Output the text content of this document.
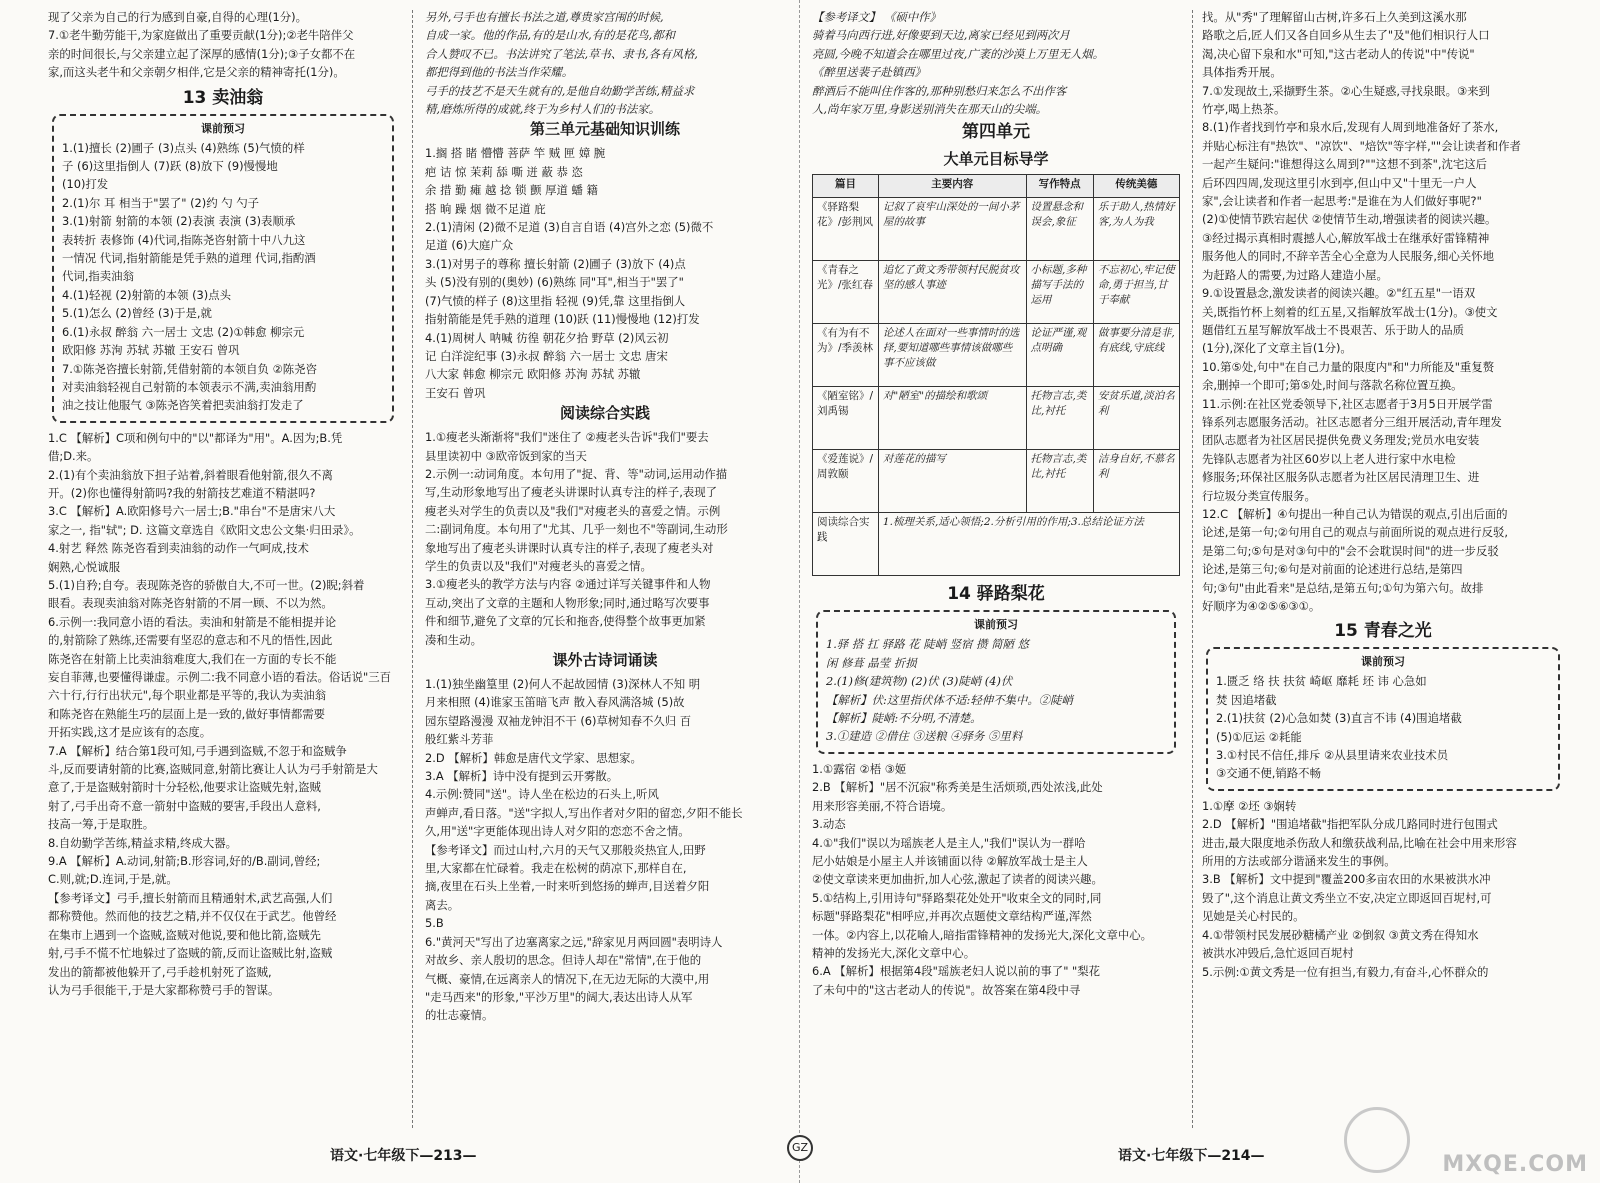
现了父亲为自己的行为感到自豪,自得的心理(1分)。

7.①老牛勤劳能干,为家庭做出了重要贡献(1分);②老牛陪伴父

亲的时间很长,与父亲建立起了深厚的感情(1分);③子女都不在

家,而这头老牛和父亲朝夕相伴,它是父亲的精神寄托(1分)。

13 卖油翁
课前预习

1.(1)擅长 (2)圃子 (3)点头 (4)熟练 (5)气愤的样

子 (6)这里指倒人 (7)跃 (8)放下 (9)慢慢地

(10)打发

2.(1)尔 耳 相当于"罢了" (2)约 勺 勺子

3.(1)射箭 射箭的本领 (2)表演 表演 (3)表顺承

表转折 表修饰 (4)代词,指陈尧咨射箭十中八九这

一情况 代词,指射箭能是凭手熟的道理 代词,指酌酒

代词,指卖油翁

4.(1)轻视 (2)射箭的本领 (3)点头

5.(1)怎么 (2)曾经 (3)于是,就

6.(1)永叔 醉翁 六一居士 文忠 (2)①韩愈 柳宗元

欧阳修 苏洵 苏轼 苏辙 王安石 曾巩

7.①陈尧咨擅长射箭,凭借射箭的本领自负 ②陈尧咨

对卖油翁轻视自己射箭的本领表示不满,卖油翁用酌

油之技让他服气 ③陈尧咨笑着把卖油翁打发走了

1.C 【解析】C项和例句中的"以"都译为"用"。A.因为;B.凭

借;D.来。

2.(1)有个卖油翁放下担子站着,斜着眼看他射箭,很久不离

开。(2)你也懂得射箭吗?我的射箭技艺难道不精湛吗?

3.C 【解析】A.欧阳修号六一居士;B."串台"不是唐宋八大

家之一, 指"轼"; D. 这篇文章选自《欧阳文忠公文集·归田录》。

4.射艺 释然 陈尧咨看到卖油翁的动作一气呵成,技术

娴熟,心悦诚服

5.(1)自矜;自夸。表现陈尧咨的骄傲自大,不可一世。(2)睨;斜着

眼看。表现卖油翁对陈尧咨射箭的不屑一顾、不以为然。

6.示例一:我同意小语的看法。卖油和射箭是不能相提并论

的,射箭除了熟练,还需要有坚忍的意志和不凡的悟性,因此

陈尧咨在射箭上比卖油翁难度大,我们在一方面的专长不能

妄自菲薄,也要懂得谦虚。示例二:我不同意小语的看法。俗话说"三百

六十行,行行出状元",每个职业都是平等的,我认为卖油翁

和陈尧咨在熟能生巧的层面上是一致的,做好事情都需要

开拓实践,这才是应该有的态度。

7.A 【解析】结合第1段可知,弓手遇到盗贼,不忽于和盗贼争

斗,反而要请射箭的比赛,盗贼同意,射箭比赛让人认为弓手射箭是大

意了,于是盗贼射箭时十分轻松,他要求让盗贼先射,盗贼

射了,弓手出奇不意一箭射中盗贼的要害,手段出人意料,

技高一筹,于是取胜。

8.自幼勤学苦练,精益求精,终成大器。

9.A 【解析】A.动词,射箭;B.形容词,好的/B.副词,曾经;

C.则,就;D.连词,于是,就。

【参考译文】弓手,擅长射箭而且精通射术,武艺高强,人们

都称赞他。然而他的技艺之精,并不仅仅在于武艺。他曾经

在集市上遇到一个盗贼,盗贼对他说,要和他比箭,盗贼先

射,弓手不慌不忙地躲过了盗贼的箭,反而让盗贼比射,盗贼

发出的箭都被他躲开了,弓手趁机射死了盗贼,

认为弓手很能干,于是大家都称赞弓手的智谋。

另外,弓手也有擅长书法之道,尊贵家宫闱的时候,

自成一家。他的作品,有的是山水,有的是花鸟,都和

合人赞叹不已。书法讲究了笔法,草书、隶书,各有风格,

都把得到他的书法当作荣耀。

弓手的技艺不是天生就有的,是他自幼勤学苦练,精益求

精,磨炼所得的成就,终于为乡村人们的书法家。

第三单元基础知识训练

1.搁 搭 睹 懵懵 菩萨 竿 贼 匣 嫜 腕

疤 诘 惊 茉莉 舔 嘶 迸 蔽 恭 恣

余 措 勤 瘫 越 捻 锁 颤 厚道 蟠 籍

搭 晌 躁 烟 微不足道 庇

2.(1)清闲 (2)微不足道 (3)自言自语 (4)宫外之恋 (5)微不

足道 (6)大庭广众

3.(1)对男子的尊称 擅长射箭 (2)圃子 (3)放下 (4)点

头 (5)没有别的(奥妙) (6)熟练 同"耳",相当于"罢了"

(7)气愤的样子 (8)这里指 轻视 (9)凭,靠 这里指倒人

指射箭能是凭手熟的道理 (10)跃 (11)慢慢地 (12)打发

4.(1)周树人 呐喊 彷徨 朝花夕拾 野草 (2)风云初

记 白洋淀纪事 (3)永叔 醉翁 六一居士 文忠 唐宋

八大家 韩愈 柳宗元 欧阳修 苏洵 苏轼 苏辙

王安石 曾巩

阅读综合实践

1.①瘦老头渐渐将"我们"迷住了 ②瘦老头告诉"我们"要去

县里读初中 ③欧帝饭到家的当天

2.示例一:动词角度。本句用了"捉、背、等"动词,运用动作描

写,生动形象地写出了瘦老头讲课时认真专注的样子,表现了

瘦老头对学生的负责以及"我们"对瘦老头的喜爱之情。示例

二:副词角度。本句用了"尤其、几乎一刻也不"等副词,生动形

象地写出了瘦老头讲课时认真专注的样子,表现了瘦老头对

学生的负责以及"我们"对瘦老头的喜爱之情。

3.①瘦老头的教学方法与内容 ②通过详写关键事件和人物

互动,突出了文章的主题和人物形象;同时,通过略写次要事

件和细节,避免了文章的冗长和拖沓,使得整个故事更加紧

凑和生动。

课外古诗词诵读

1.(1)独坐幽篁里 (2)何人不起故园情 (3)深林人不知 明

月来相照 (4)谁家玉笛暗飞声 散入春风满洛城 (5)故

园东望路漫漫 双袖龙钟泪不干 (6)草树知春不久归 百

般红紫斗芳菲

2.D 【解析】韩愈是唐代文学家、思想家。

3.A 【解析】诗中没有提到云开雾散。

4.示例:赞同"送"。诗人坐在松边的石头上,听风

声蝉声,看日落。"送"字拟人,写出作者对夕阳的留恋,夕阳不能长

久,用"送"字更能体现出诗人对夕阳的恋恋不舍之情。

【参考译文】而过山村,六月的天气又那般炎热宜人,田野

里,大家都在忙碌着。我走在松树的荫凉下,那样自在,

摘,夜里在石头上坐着,一时来听到悠扬的蝉声,目送着夕阳

离去。

5.B

6."黄河天"写出了边塞离家之远,"辞家见月两回圆"表明诗人

对故乡、亲人殷切的思念。但诗人却在"常情",在于他的

气概、豪情,在远离亲人的情况下,在无边无际的大漠中,用

"走马西来"的形象,"平沙万里"的阔大,表达出诗人从军

的壮志豪情。

语文·七年级下—213—

【参考译文】 《硕中作》

骑着马向西行进,好像要到天边,离家已经见到两次月

亮圆,今晚不知道会在哪里过夜,广袤的沙漠上万里无人烟。

《醉里送裴子赴镇西》

醉酒后不能叫住作客的,那种别愁归来怎么不出作客

人,尚年家万里,身影送别消失在那天山的尖端。

第四单元
大单元目标导学
篇目	主要内容	写作特点	传统美德
《驿路梨花》/彭荆风	记叙了哀牢山深处的一间小茅屋的故事	设置悬念和误会,象征	乐于助人,热情好客,为人为我
《青春之光》/张红春	追忆了黄文秀带领村民脱贫攻坚的感人事迹	小标题,多种描写手法的运用	不忘初心,牢记使命,勇于担当,甘于奉献
《有为有不为》/季羡林	论述人在面对一些事情时的选择,要知道哪些事情该做哪些事不应该做	论证严谨,观点明确	做事要分清是非,有底线,守底线
《陋室铭》/刘禹锡	对"陋室"的描绘和歌颂	托物言志,类比,衬托	安贫乐道,淡泊名利
《爱莲说》/周敦颐	对莲花的描写	托物言志,类比,衬托	洁身自好,不慕名利
阅读综合实践	1.梳理关系,适心领悟;2.分析引用的作用;3.总结论证方法		
14 驿路梨花
课前预习

1.驿 搭 扛 驿路 花 陡峭 竖宿 攒 简陋 悠

闲 修葺 晶莹 折损

2.(1)修(建筑物) (2)伏 (3)陡峭 (4)伏

【解析】伏:这里指伏体不适:轻伸不集中。②陡峭

【解析】陡峭:不分明,不清楚。

3.①建造 ②借住 ③送粮 ④驿务 ⑤里料

1.①露宿 ②梧 ③姬

2.B 【解析】"居不沉寂"称秀美是生活烦琐,西处浓浅,此处

用来形容美丽,不符合语境。

3.动态

4.①"我们"误以为瑶族老人是主人,"我们"误认为一群哈

尼小姑娘是小屋主人并该铺面以待 ②解放军战士是主人

②使文章读来更加曲折,加人心弦,激起了读者的阅读兴趣。

5.①结构上,引用诗句"驿路梨花处处开"收束全文的同时,同

标题"驿路梨花"相呼应,并再次点题使文章结构严谨,浑然

一体。②内容上,以花喻人,暗指雷锋精神的发扬光大,深化文章中心。

精神的发扬光大,深化文章中心。

6.A 【解析】根据第4段"瑶族老妇人说以前的事了" "梨花

了未句中的"这古老动人的传说"。故答案在第4段中寻

找。从"秀"了理解留山古树,许多石上久美到这溪水那

路歌之后,匠人们又各自回乡从生去了"及"他们相识行人口

渴,决心留下泉和水"可知,"这古老动人的传说"中"传说"

具体指秀开展。

7.①发现故土,采撷野生茶。②心生疑惑,寻找泉眼。③来到

竹亭,喝上热茶。

8.(1)作者找到竹亭和泉水后,发现有人周到地准备好了茶水,

并贴心标注有"热饮"、"凉饮"、"焙饮"等字样,""会让读者和作者

一起产生疑问:"谁想得这么周到?""这想不到茶",沈宅这后

后环四四周,发现这里引水到亭,但山中又"十里无一户人

家",会让读者和作者一起思考:"是谁在为人们做好事呢?"

(2)①使情节跌宕起伏 ②使情节生动,增强读者的阅读兴趣。

③经过揭示真相时震撼人心,解放军战士在继承好雷锋精神

服务他人的同时,不辞辛苦全心全意为人民服务,细心关怀地

为赶路人的需要,为过路人建造小屋。

9.①设置悬念,激发读者的阅读兴趣。②"红五星"一语双

关,既指竹杯上刻着的红五星,又指解放军战士(1分)。③使文

题借红五星写解放军战士不畏艰苦、乐于助人的品质

(1分),深化了文章主旨(1分)。

10.第⑤处,句中"在自己力量的限度内"和"力所能及"重复赘

余,删掉一个即可;第⑤处,时间与落款名称位置互换。

11.示例:在社区党委领导下,社区志愿者于3月5日开展学雷

锋系列志愿服务活动。社区志愿者分三组开展活动,青年理发

团队志愿者为社区居民提供免费义务理发;党员水电安装

先锋队志愿者为社区60岁以上老人进行家中水电检

修服务;环保社区服务队志愿者为社区居民清理卫生、进

行垃圾分类宣传服务。

12.C 【解析】④句提出一种自己认为错误的观点,引出后面的

论述,是第一句;②句用自己的观点与前面所说的观点进行反驳,

是第二句;⑤句是对③句中的"会不会耽误时间"的进一步反驳

论述,是第三句;⑥句是对前面的论述进行总结,是第四

句;③句"由此看来"是总结,是第五句;①句为第六句。故排

好顺序为④②⑤⑥③①。

15 青春之光
课前预习

1.匮乏 络 扶 扶贫 崎岖 靡耗 坯 讳 心急如

焚 因追堵截

2.(1)扶贫 (2)心急如焚 (3)直言不讳 (4)围追堵截

(5)①厄运 ②耗能

3.①村民不信任,排斥 ②从县里请来农业技术员

③交通不便,销路不畅

1.①摩 ②坯 ③娴转

2.D 【解析】"围追堵截"指把军队分成几路同时进行包围式

进击,最大限度地杀伤敌人和缴获战利品,比喻在社会中用来形容

所用的方法或部分谐涵来发生的事例。

3.B 【解析】文中提到"覆盖200多亩农田的水果被洪水冲

毁了",这个消息让黄文秀坐立不安,决定立即返回百坭村,可

见她是关心村民的。

4.①带领村民发展砂糖橘产业 ②倒叙 ③黄文秀在得知水

被洪水冲毁后,急忙返回百坭村

5.示例:①黄文秀是一位有担当,有毅力,有奋斗,心怀群众的

语文·七年级下—214—
GZ
MXQE.COM
